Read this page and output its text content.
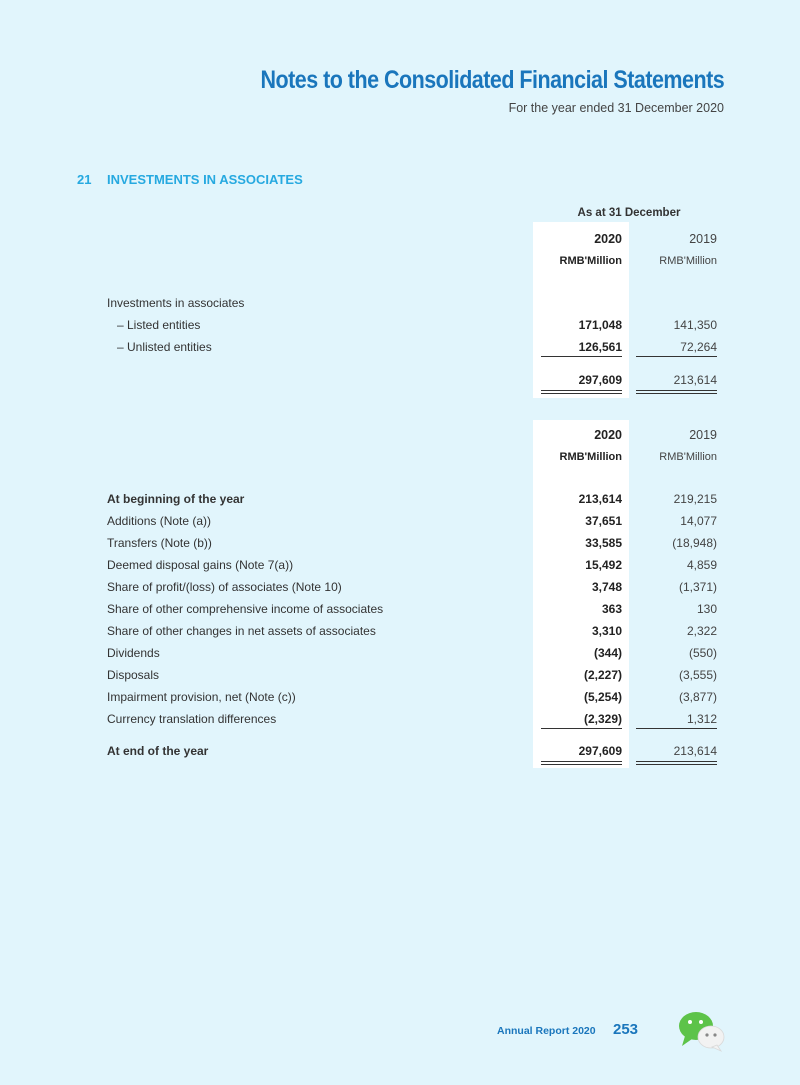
Notes to the Consolidated Financial Statements
For the year ended 31 December 2020
21 INVESTMENTS IN ASSOCIATES
As at 31 December
2020	2019
RMB'Million	RMB'Million
Investments in associates
– Listed entities	171,048	141,350
– Unlisted entities	126,561	72,264
297,609	213,614
2020	2019
RMB'Million	RMB'Million
At beginning of the year	213,614	219,215
Additions (Note (a))	37,651	14,077
Transfers (Note (b))	33,585	(18,948)
Deemed disposal gains (Note 7(a))	15,492	4,859
Share of profit/(loss) of associates (Note 10)	3,748	(1,371)
Share of other comprehensive income of associates	363	130
Share of other changes in net assets of associates	3,310	2,322
Dividends	(344)	(550)
Disposals	(2,227)	(3,555)
Impairment provision, net (Note (c))	(5,254)	(3,877)
Currency translation differences	(2,329)	1,312
At end of the year	297,609	213,614
Annual Report 2020 253
